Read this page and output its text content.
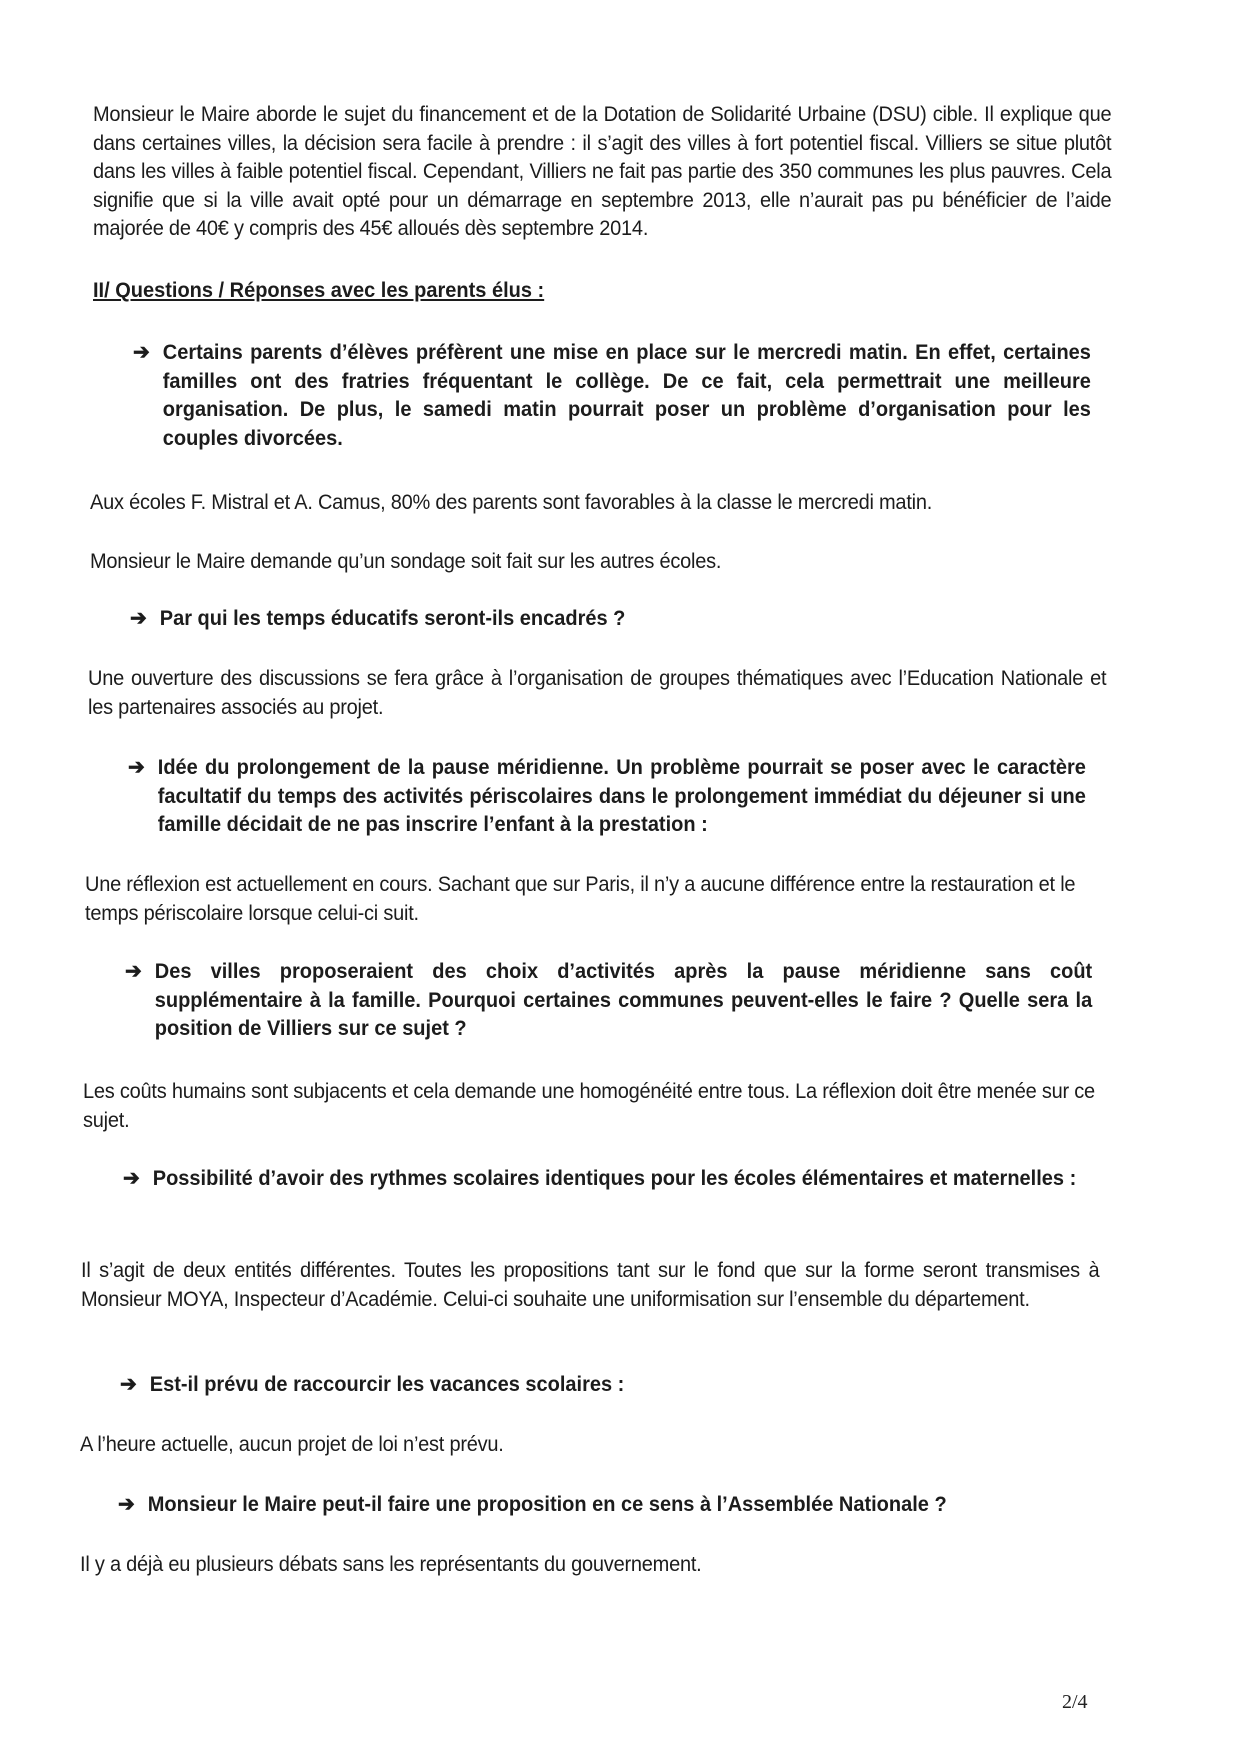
Monsieur le Maire aborde le sujet du financement et de la Dotation de Solidarité Urbaine (DSU) cible. Il explique que dans certaines villes, la décision sera facile à prendre : il s’agit des villes à fort potentiel fiscal. Villiers se situe plutôt dans les villes à faible potentiel fiscal. Cependant, Villiers ne fait pas partie des 350 communes les plus pauvres. Cela signifie que si la ville avait opté pour un démarrage en septembre 2013, elle n’aurait pas pu bénéficier de l’aide majorée de 40€ y compris des 45€ alloués dès septembre 2014.
II/ Questions / Réponses avec les parents élus :
➔ Certains parents d’élèves préfèrent une mise en place sur le mercredi matin. En effet, certaines familles ont des fratries fréquentant le collège. De ce fait, cela permettrait une meilleure organisation. De plus, le samedi matin pourrait poser un problème d’organisation pour les couples divorcées.
Aux écoles F. Mistral et A. Camus, 80% des parents sont favorables à la classe le mercredi matin.
Monsieur le Maire demande qu’un sondage soit fait sur les autres écoles.
➔ Par qui les temps éducatifs seront-ils encadrés ?
Une ouverture des discussions se fera grâce à l’organisation de groupes thématiques avec l’Education Nationale et les partenaires associés au projet.
➔ Idée du prolongement de la pause méridienne. Un problème pourrait se poser avec le caractère facultatif du temps des activités périscolaires dans le prolongement immédiat du déjeuner si une famille décidait de ne pas inscrire l’enfant à la prestation :
Une réflexion est actuellement en cours. Sachant que sur Paris, il n’y a aucune différence entre la restauration et le temps périscolaire lorsque celui-ci suit.
➔ Des villes proposeraient des choix d’activités après la pause méridienne sans coût supplémentaire à la famille. Pourquoi certaines communes peuvent-elles le faire ? Quelle sera la position de Villiers sur ce sujet ?
Les coûts humains sont subjacents et cela demande une homogénéité entre tous. La réflexion doit être menée sur ce sujet.
➔ Possibilité d’avoir des rythmes scolaires identiques pour les écoles élémentaires et maternelles :
Il s’agit de deux entités différentes. Toutes les propositions tant sur le fond que sur la forme seront transmises à Monsieur MOYA, Inspecteur d’Académie. Celui-ci souhaite une uniformisation sur l’ensemble du département.
➔ Est-il prévu de raccourcir les vacances scolaires :
A l’heure actuelle, aucun projet de loi n’est prévu.
➔ Monsieur le Maire peut-il faire une proposition en ce sens à l’Assemblée Nationale ?
Il y a déjà eu plusieurs débats sans les représentants du gouvernement.
2/4
